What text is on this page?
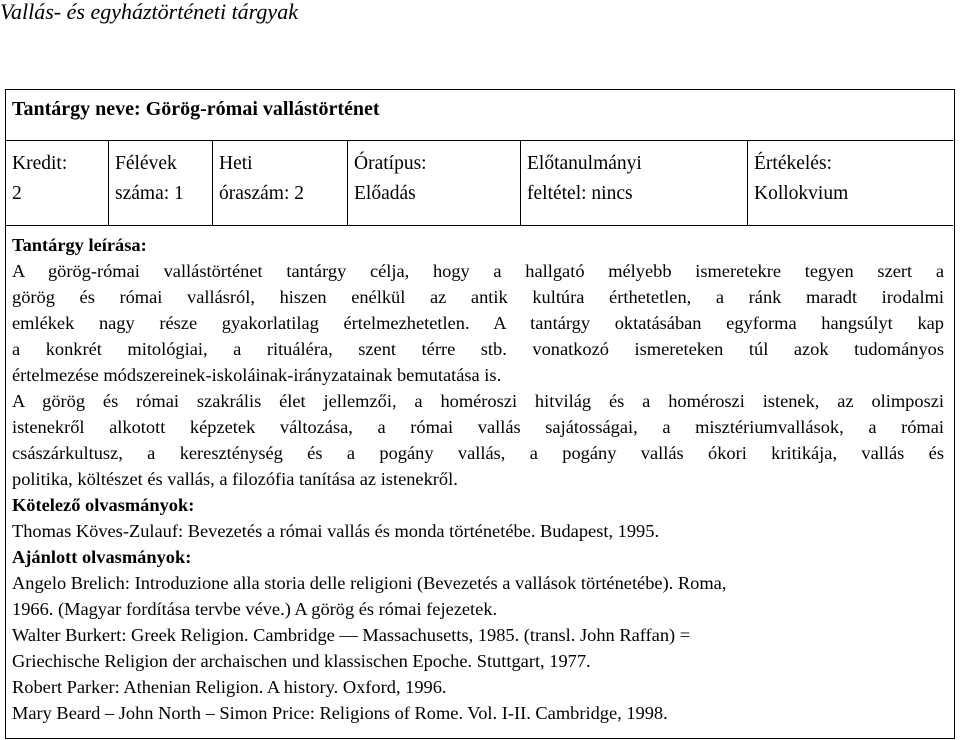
Vallás- és egyháztörténeti tárgyak
Tantárgy neve: Görög-római vallástörténet
Kredit:
2
Félévek
száma: 1
Heti
óraszám: 2
Óratípus:
Előadás
Előtanulmányi
feltétel: nincs
Értékelés:
Kollokvium

Tantárgy leírása:

A görög-római vallástörténet tantárgy célja, hogy a hallgató mélyebb ismeretekre tegyen szert a

görög és római vallásról, hiszen enélkül az antik kultúra érthetetlen, a ránk maradt irodalmi

emlékek nagy része gyakorlatilag értelmezhetetlen. A tantárgy oktatásában egyforma hangsúlyt kap

a konkrét mitológiai, a rituáléra, szent térre stb. vonatkozó ismereteken túl azok tudományos

értelmezése módszereinek-iskoláinak-irányzatainak bemutatása is.

A görög és római szakrális élet jellemzői, a homéroszi hitvilág és a homéroszi istenek, az olimposzi

istenekről alkotott képzetek változása, a római vallás sajátosságai, a misztériumvallások, a római

császárkultusz, a kereszténység és a pogány vallás, a pogány vallás ókori kritikája, vallás és

politika, költészet és vallás, a filozófia tanítása az istenekről.

Kötelező olvasmányok:

Thomas Köves-Zulauf: Bevezetés a római vallás és monda történetébe. Budapest, 1995.

Ajánlott olvasmányok:

Angelo Brelich: Introduzione alla storia delle religioni (Bevezetés a vallások történetébe). Roma,

1966. (Magyar fordítása tervbe véve.) A görög és római fejezetek.

Walter Burkert: Greek Religion. Cambridge — Massachusetts, 1985. (transl. John Raffan) =

Griechische Religion der archaischen und klassischen Epoche. Stuttgart, 1977.

Robert Parker: Athenian Religion. A history. Oxford, 1996.

Mary Beard – John North – Simon Price: Religions of Rome. Vol. I-II. Cambridge, 1998.
